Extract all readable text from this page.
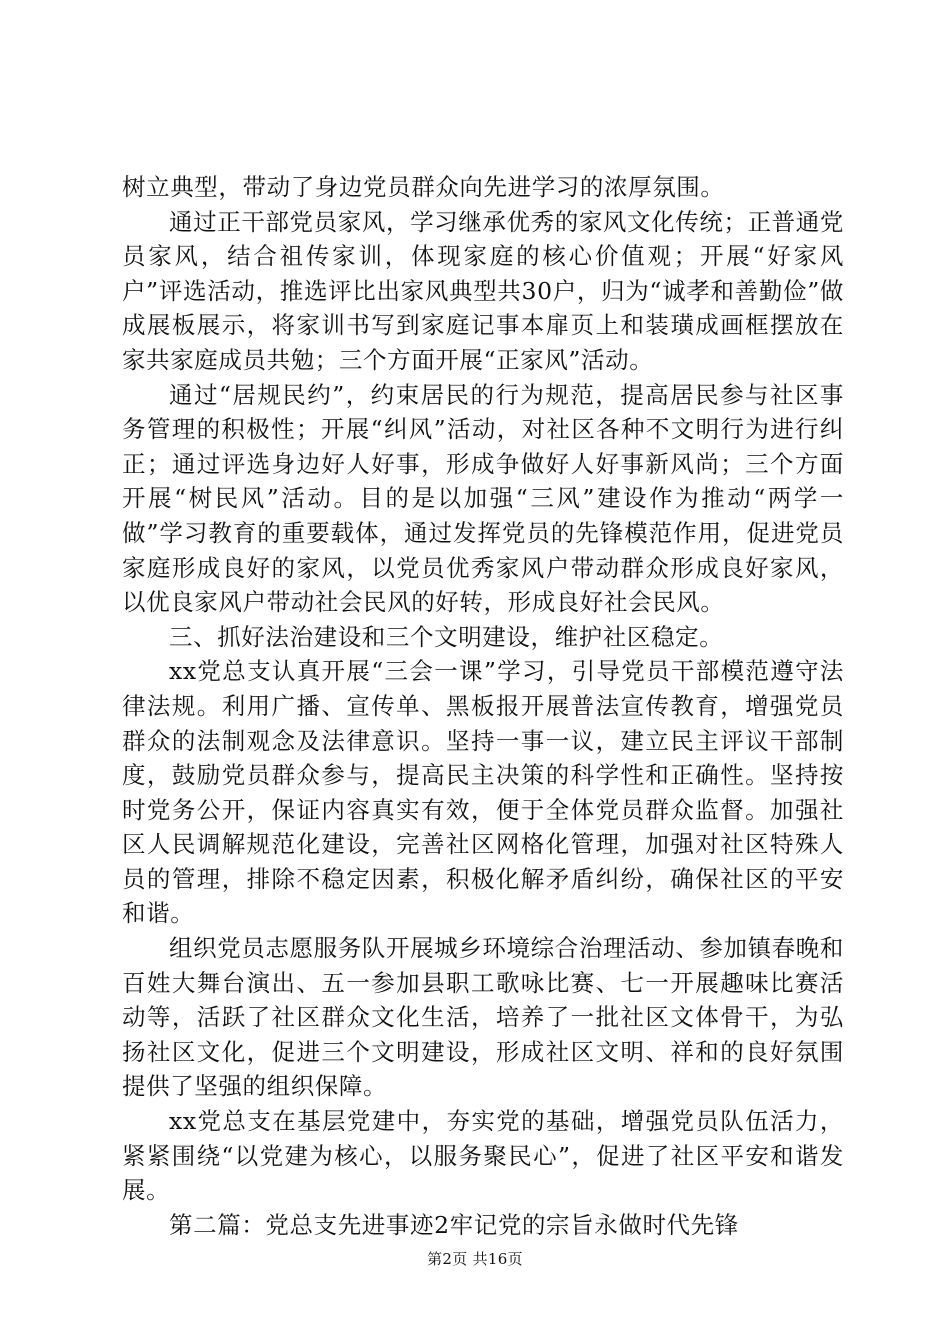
树立典型，带动了身边党员群众向先进学习的浓厚氛围。

通过正干部党员家风，学习继承优秀的家风文化传统；正普通党员家风，结合祖传家训，体现家庭的核心价值观；开展“好家风户”评选活动，推选评比出家风典型共30户，归为“诚孝和善勤俭”做成展板展示，将家训书写到家庭记事本扉页上和装璜成画框摆放在家共家庭成员共勉；三个方面开展“正家风”活动。

通过“居规民约”，约束居民的行为规范，提高居民参与社区事务管理的积极性；开展“纠风”活动，对社区各种不文明行为进行纠正；通过评选身边好人好事，形成争做好人好事新风尚；三个方面开展“树民风”活动。目的是以加强“三风”建设作为推动“两学一做”学习教育的重要载体，通过发挥党员的先锋模范作用，促进党员家庭形成良好的家风，以党员优秀家风户带动群众形成良好家风，以优良家风户带动社会民风的好转，形成良好社会民风。

三、抓好法治建设和三个文明建设，维护社区稳定。

xx党总支认真开展“三会一课”学习，引导党员干部模范遵守法律法规。利用广播、宣传单、黑板报开展普法宣传教育，增强党员群众的法制观念及法律意识。坚持一事一议，建立民主评议干部制度，鼓励党员群众参与，提高民主决策的科学性和正确性。坚持按时党务公开，保证内容真实有效，便于全体党员群众监督。加强社区人民调解规范化建设，完善社区网格化管理，加强对社区特殊人员的管理，排除不稳定因素，积极化解矛盾纠纷，确保社区的平安和谐。

组织党员志愿服务队开展城乡环境综合治理活动、参加镇春晚和百姓大舞台演出、五一参加县职工歌咏比赛、七一开展趣味比赛活动等，活跃了社区群众文化生活，培养了一批社区文体骨干，为弘扬社区文化，促进三个文明建设，形成社区文明、祥和的良好氛围提供了坚强的组织保障。

xx党总支在基层党建中，夯实党的基础，增强党员队伍活力，紧紧围绕“以党建为核心，以服务聚民心”，促进了社区平安和谐发展。

第二篇：党总支先进事迹2牢记党的宗旨永做时代先锋

第2页 共16页
